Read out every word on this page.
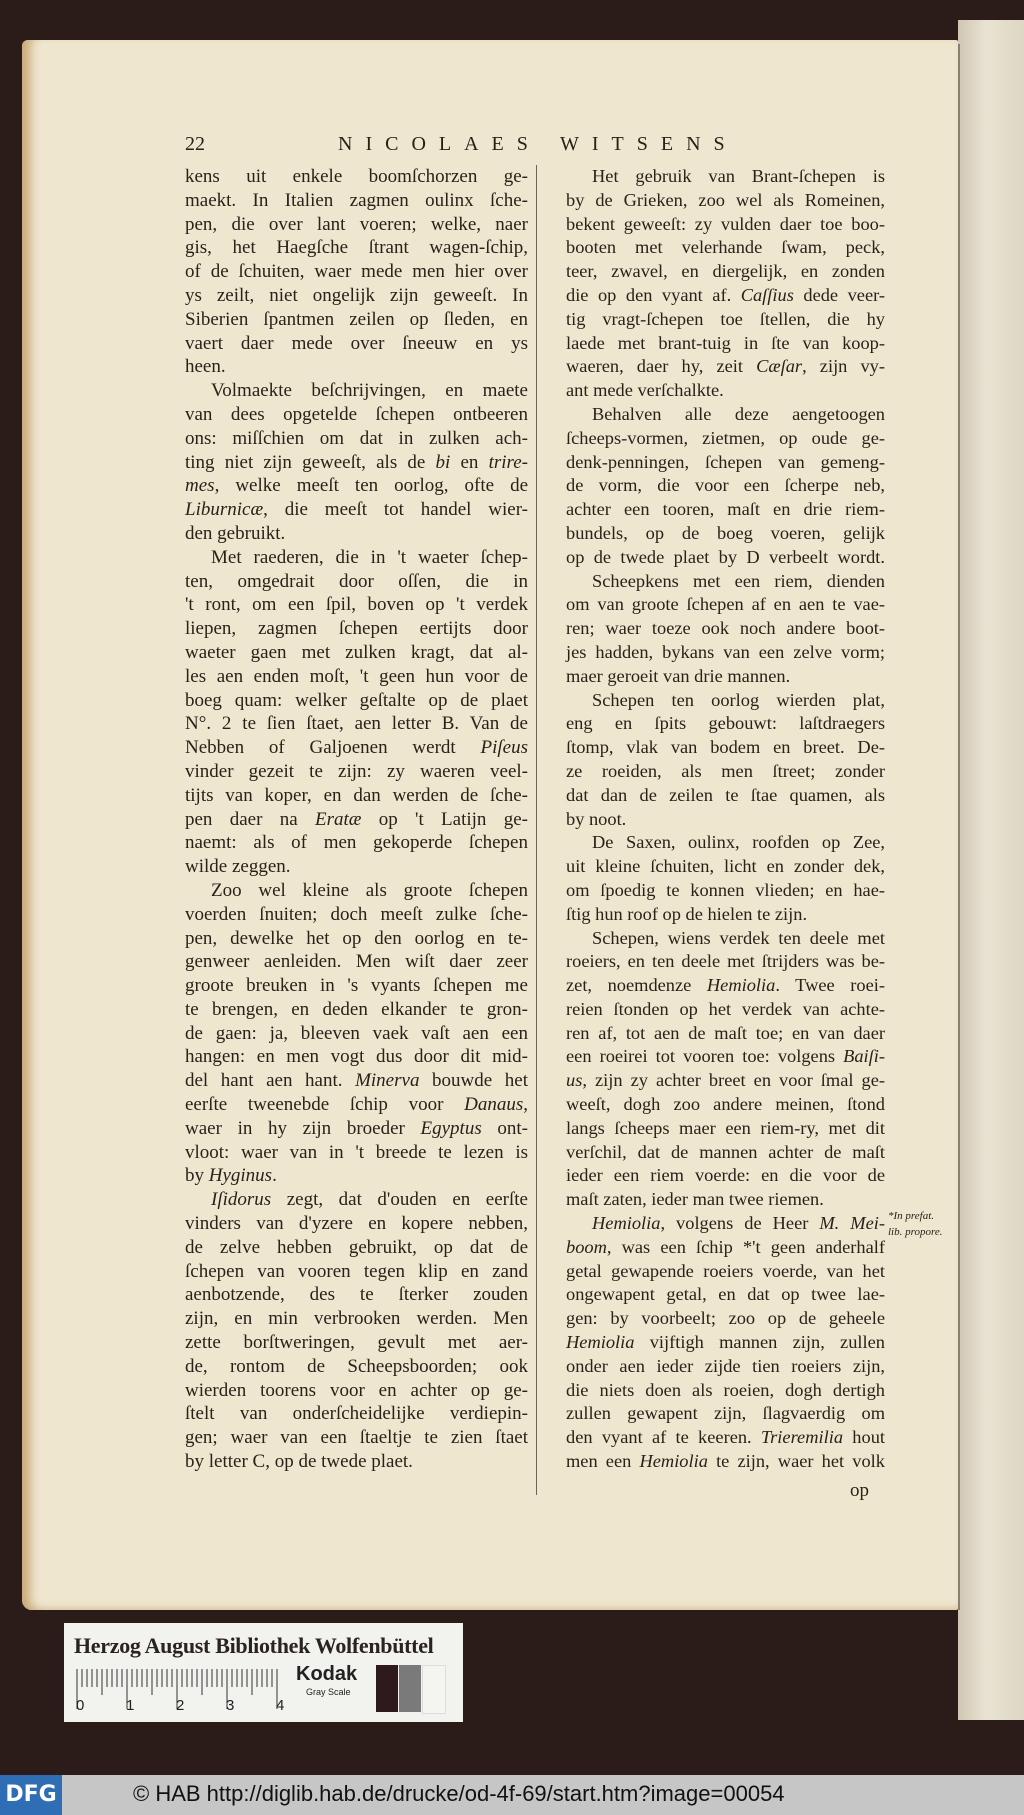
22	NICOLAES WITSENS
kens uit enkele boomſchorzen ge-
maekt. In Italien zagmen oulinx ſche-
pen, die over lant voeren; welke, naer
gis, het Haegſche ſtrant wagen-ſchip,
of de ſchuiten, waer mede men hier over
ys zeilt, niet ongelijk zijn geweeſt. In
Siberien ſpantmen zeilen op ſleden, en
vaert daer mede over ſneeuw en ys
heen.
Volmaekte beſchrijvingen, en maete
van dees opgetelde ſchepen ontbeeren
ons: miſſchien om dat in zulken ach-
ting niet zijn geweeſt, als de bi en trire-
mes, welke meeſt ten oorlog, ofte de
Liburnicæ, die meeſt tot handel wier-
den gebruikt.
Met raederen, die in 't waeter ſchep-
ten, omgedrait door oſſen, die in
't ront, om een ſpil, boven op 't verdek
liepen, zagmen ſchepen eertijts door
waeter gaen met zulken kragt, dat al-
les aen enden moſt, 't geen hun voor de
boeg quam: welker geſtalte op de plaet
N°. 2 te ſien ſtaet, aen letter B. Van de
Nebben of Galjoenen werdt Piſeus
vinder gezeit te zijn: zy waeren veel-
tijts van koper, en dan werden de ſche-
pen daer na Eratæ op 't Latijn ge-
naemt: als of men gekoperde ſchepen
wilde zeggen.
Zoo wel kleine als groote ſchepen
voerden ſnuiten; doch meeſt zulke ſche-
pen, dewelke het op den oorlog en te-
genweer aenleiden. Men wiſt daer zeer
groote breuken in 's vyants ſchepen me
te brengen, en deden elkander te gron-
de gaen: ja, bleeven vaek vaſt aen een
hangen: en men vogt dus door dit mid-
del hant aen hant. Minerva bouwde het
eerſte tweenebde ſchip voor Danaus,
waer in hy zijn broeder Egyptus ont-
vloot: waer van in 't breede te lezen is
by Hyginus.
Iſidorus zegt, dat d'ouden en eerſte
vinders van d'yzere en kopere nebben,
de zelve hebben gebruikt, op dat de
ſchepen van vooren tegen klip en zand
aenbotzende, des te ſterker zouden
zijn, en min verbrooken werden. Men
zette borſtweringen, gevult met aer-
de, rontom de Scheepsboorden; ook
wierden toorens voor en achter op ge-
ſtelt van onderſcheidelijke verdiepin-
gen; waer van een ſtaeltje te zien ſtaet
by letter C, op de twede plaet.
Het gebruik van Brant-ſchepen is
by de Grieken, zoo wel als Romeinen,
bekent geweeſt: zy vulden daer toe boo-
booten met velerhande ſwam, peck,
teer, zwavel, en diergelijk, en zonden
die op den vyant af. Caſſius dede veer-
tig vragt-ſchepen toe ſtellen, die hy
laede met brant-tuig in ſte van koop-
waeren, daer hy, zeit Cæſar, zijn vy-
ant mede verſchalkte.
Behalven alle deze aengetoogen
ſcheeps-vormen, zietmen, op oude ge-
denk-penningen, ſchepen van gemeng-
de vorm, die voor een ſcherpe neb,
achter een tooren, maſt en drie riem-
bundels, op de boeg voeren, gelijk
op de twede plaet by D verbeelt wordt.
Scheepkens met een riem, dienden
om van groote ſchepen af en aen te vae-
ren; waer toeze ook noch andere boot-
jes hadden, bykans van een zelve vorm;
maer geroeit van drie mannen.
Schepen ten oorlog wierden plat,
eng en ſpits gebouwt: laſtdraegers
ſtomp, vlak van bodem en breet. De-
ze roeiden, als men ſtreet; zonder
dat dan de zeilen te ſtae quamen, als
by noot.
De Saxen, oulinx, roofden op Zee,
uit kleine ſchuiten, licht en zonder dek,
om ſpoedig te konnen vlieden; en hae-
ſtig hun roof op de hielen te zijn.
Schepen, wiens verdek ten deele met
roeiers, en ten deele met ſtrijders was be-
zet, noemdenze Hemiolia. Twee roei-
reien ſtonden op het verdek van achte-
ren af, tot aen de maſt toe; en van daer
een roeirei tot vooren toe: volgens Baiſi-
us, zijn zy achter breet en voor ſmal ge-
weeſt, dogh zoo andere meinen, ſtond
langs ſcheeps maer een riem-ry, met dit
verſchil, dat de mannen achter de maſt
ieder een riem voerde: en die voor de
maſt zaten, ieder man twee riemen.
Hemiolia, volgens de Heer M. Mei-
boom, was een ſchip *'t geen anderhalf
getal gewapende roeiers voerde, van het
ongewapent getal, en dat op twee lae-
gen: by voorbeelt; zoo op de geheele
Hemiolia vijftigh mannen zijn, zullen
onder aen ieder zijde tien roeiers zijn,
die niets doen als roeien, dogh dertigh
zullen gewapent zijn, ſlagvaerdig om
den vyant af te keeren. Trieremilia hout
men een Hemiolia te zijn, waer het volk
*In prefat.
lib. propore.
op
Herzog August Bibliothek Wolfenbüttel
0	1	2	3	4
Kodak
Gray Scale
DFG	© HAB http://diglib.hab.de/drucke/od-4f-69/start.htm?image=00054
